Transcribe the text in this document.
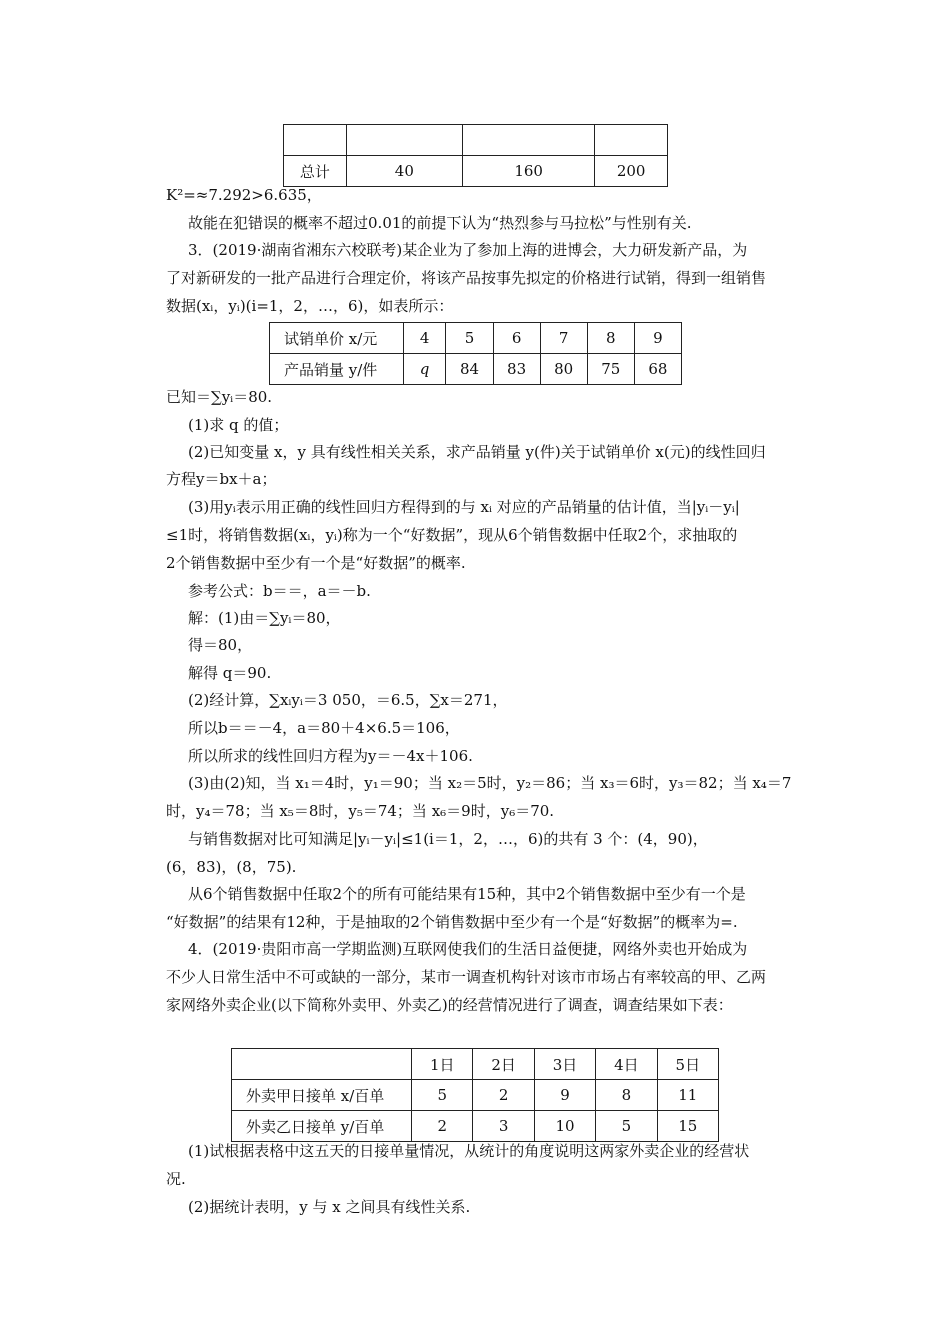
总计	40	160	200
K²=≈7.292>6.635，
故能在犯错误的概率不超过0.01的前提下认为“热烈参与马拉松”与性别有关.
3．(2019·湖南省湘东六校联考)某企业为了参加上海的进博会，大力研发新产品，为
了对新研发的一批产品进行合理定价，将该产品按事先拟定的价格进行试销，得到一组销售
数据(xᵢ，yᵢ)(i=1，2，…，6)，如表所示：
试销单价 x/元	4	5	6	7	8	9
产品销量 y/件	q	84	83	80	75	68
已知＝∑yᵢ＝80.
(1)求 q 的值；
(2)已知变量 x，y 具有线性相关关系，求产品销量 y(件)关于试销单价 x(元)的线性回归
方程y＝bx＋a；
(3)用yᵢ表示用正确的线性回归方程得到的与 xᵢ 对应的产品销量的估计值，当|yᵢ－yᵢ|
≤1时，将销售数据(xᵢ，yᵢ)称为一个“好数据”，现从6个销售数据中任取2个，求抽取的
2个销售数据中至少有一个是“好数据”的概率.
参考公式：b＝＝，a＝－b.
解：(1)由＝∑yᵢ＝80，
得＝80，
解得 q＝90.
(2)经计算，∑xᵢyᵢ＝3 050，＝6.5，∑x＝271，
所以b＝＝－4，a＝80＋4×6.5＝106，
所以所求的线性回归方程为y＝－4x＋106.
(3)由(2)知，当 x₁＝4时，y₁＝90；当 x₂＝5时，y₂＝86；当 x₃＝6时，y₃＝82；当 x₄＝7
时，y₄＝78；当 x₅＝8时，y₅＝74；当 x₆＝9时，y₆＝70.
与销售数据对比可知满足|yᵢ－yᵢ|≤1(i＝1，2，…，6)的共有 3 个：(4，90)，
(6，83)，(8，75).
从6个销售数据中任取2个的所有可能结果有15种，其中2个销售数据中至少有一个是
“好数据”的结果有12种，于是抽取的2个销售数据中至少有一个是“好数据”的概率为=.
4．(2019·贵阳市高一学期监测)互联网使我们的生活日益便捷，网络外卖也开始成为
不少人日常生活中不可或缺的一部分，某市一调查机构针对该市市场占有率较高的甲、乙两
家网络外卖企业(以下简称外卖甲、外卖乙)的经营情况进行了调查，调查结果如下表：
	1日	2日	3日	4日	5日
外卖甲日接单 x/百单	5	2	9	8	11
外卖乙日接单 y/百单	2	3	10	5	15
(1)试根据表格中这五天的日接单量情况，从统计的角度说明这两家外卖企业的经营状
况.
(2)据统计表明，y 与 x 之间具有线性关系.
